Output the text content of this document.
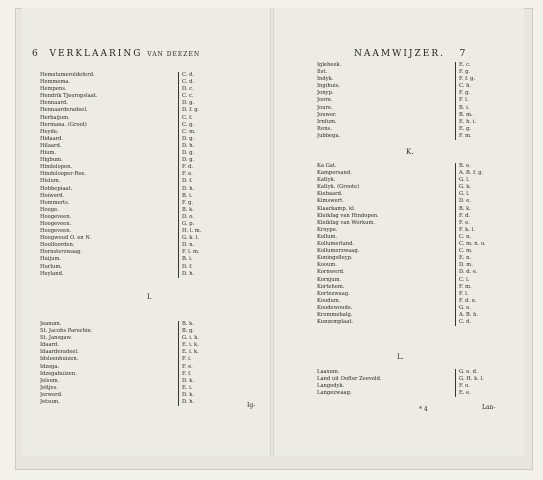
6 VERKLAARING VAN DEEZEN
Hemelumeroldeferd.	C. d.
Hemmema.	C. d.
Hempens.	D. c.
Hendrik Tjeeropslaat.	C. c.
Hennaard.	D. g.
Hennaarderadeel.	D. f. g.
Herbaijum.	C. f.
Hermana. (Groot)	C. g.
Heyde.	C. m.
Hidaard.	D. g.
Hilaard.	D. h.
Hium.	D. g.
Higbum.	D. g.
Hindelopen.	F. d.
Hindelooper-Ree.	F. e.
Hislum.	D. f.
Hobbepiaat.	D. h.
Hoiwerd.	B. i.
Hommerts.	F. g.
Hooge.	B. k.
Hoogeveen.	D. o.
Hoogeveen.	G. p.
Hoogeveen.	H. l. m.
Hoogwoud O. en N.	G. k. l.
Hoolfoorden.	D. n.
Hornsterzwaag.	F. l. m.
Huijum.	B. i.
Hurlum.	D. f.
Heyland.	D. h.
I.
Jeanum.	B. k.
St. Jacobs Parochie.	B. g.
St. Jansgaw.	G. i. k.
Idaard.	E. i. k.
Idaarderadeel.	E. i. k.
Idsleenhuizen.	F. i.
Idzega.	F. e.
Idzegahuizen.	F. f.
Jelsum.	D. k.
Jeltjes.	E. i.
Jerwerd.	D. k.
Jetsum.	D. h.	Ig-
NAAMWIJZER. 7
Iglebeek.	E. c.
Ilst.	F. g.
Indyk.	F. f. g.
Ingihuis.	C. h.
Jonyp.	F. g.
Joore.	F. l.
Joure.	B. i.
Jouwer.	B. m.
Irnfum.	E. h. i.
Itens.	E. g.
Jubbega.	F. m.
K.
Ka Gat.	B. e.
Kampersand.	A. B. f. g.
Katlyk.	G. l.
Katlyk. (Groote)	G. k.
Kiebaard.	G. l.
Kimswert.	D. e.
Klaarkamp. kl.	B. k.
Kleikfag van Hindopen.	F. d.
Kleikfag van Workum.	F. e.
Kroype.	F. k. l.
Kollum.	C. n.
Kollumerland.	C. m. n. o.
Kollumerzwaag.	C. m.
Koningsfleyp.	E. n.
Kooum.	D. m.
Kornwerd.	D. d. e.
Kornjum.	C. l.
Kortehem.	F. m.
Kortezwaag.	F. l.
Koudum.	F. d. e.
Koudewoude.	G. e.
Krommebalg.	A. B. h.
Kunzemplaat.	C. d.
L.
Laaxum.	G. e. d.
Land uit Oofter Zeeveld.	G. H. k. l.
Langedyk.	F. o.
Langezwaag.	E. e.
* 4	Lan-
